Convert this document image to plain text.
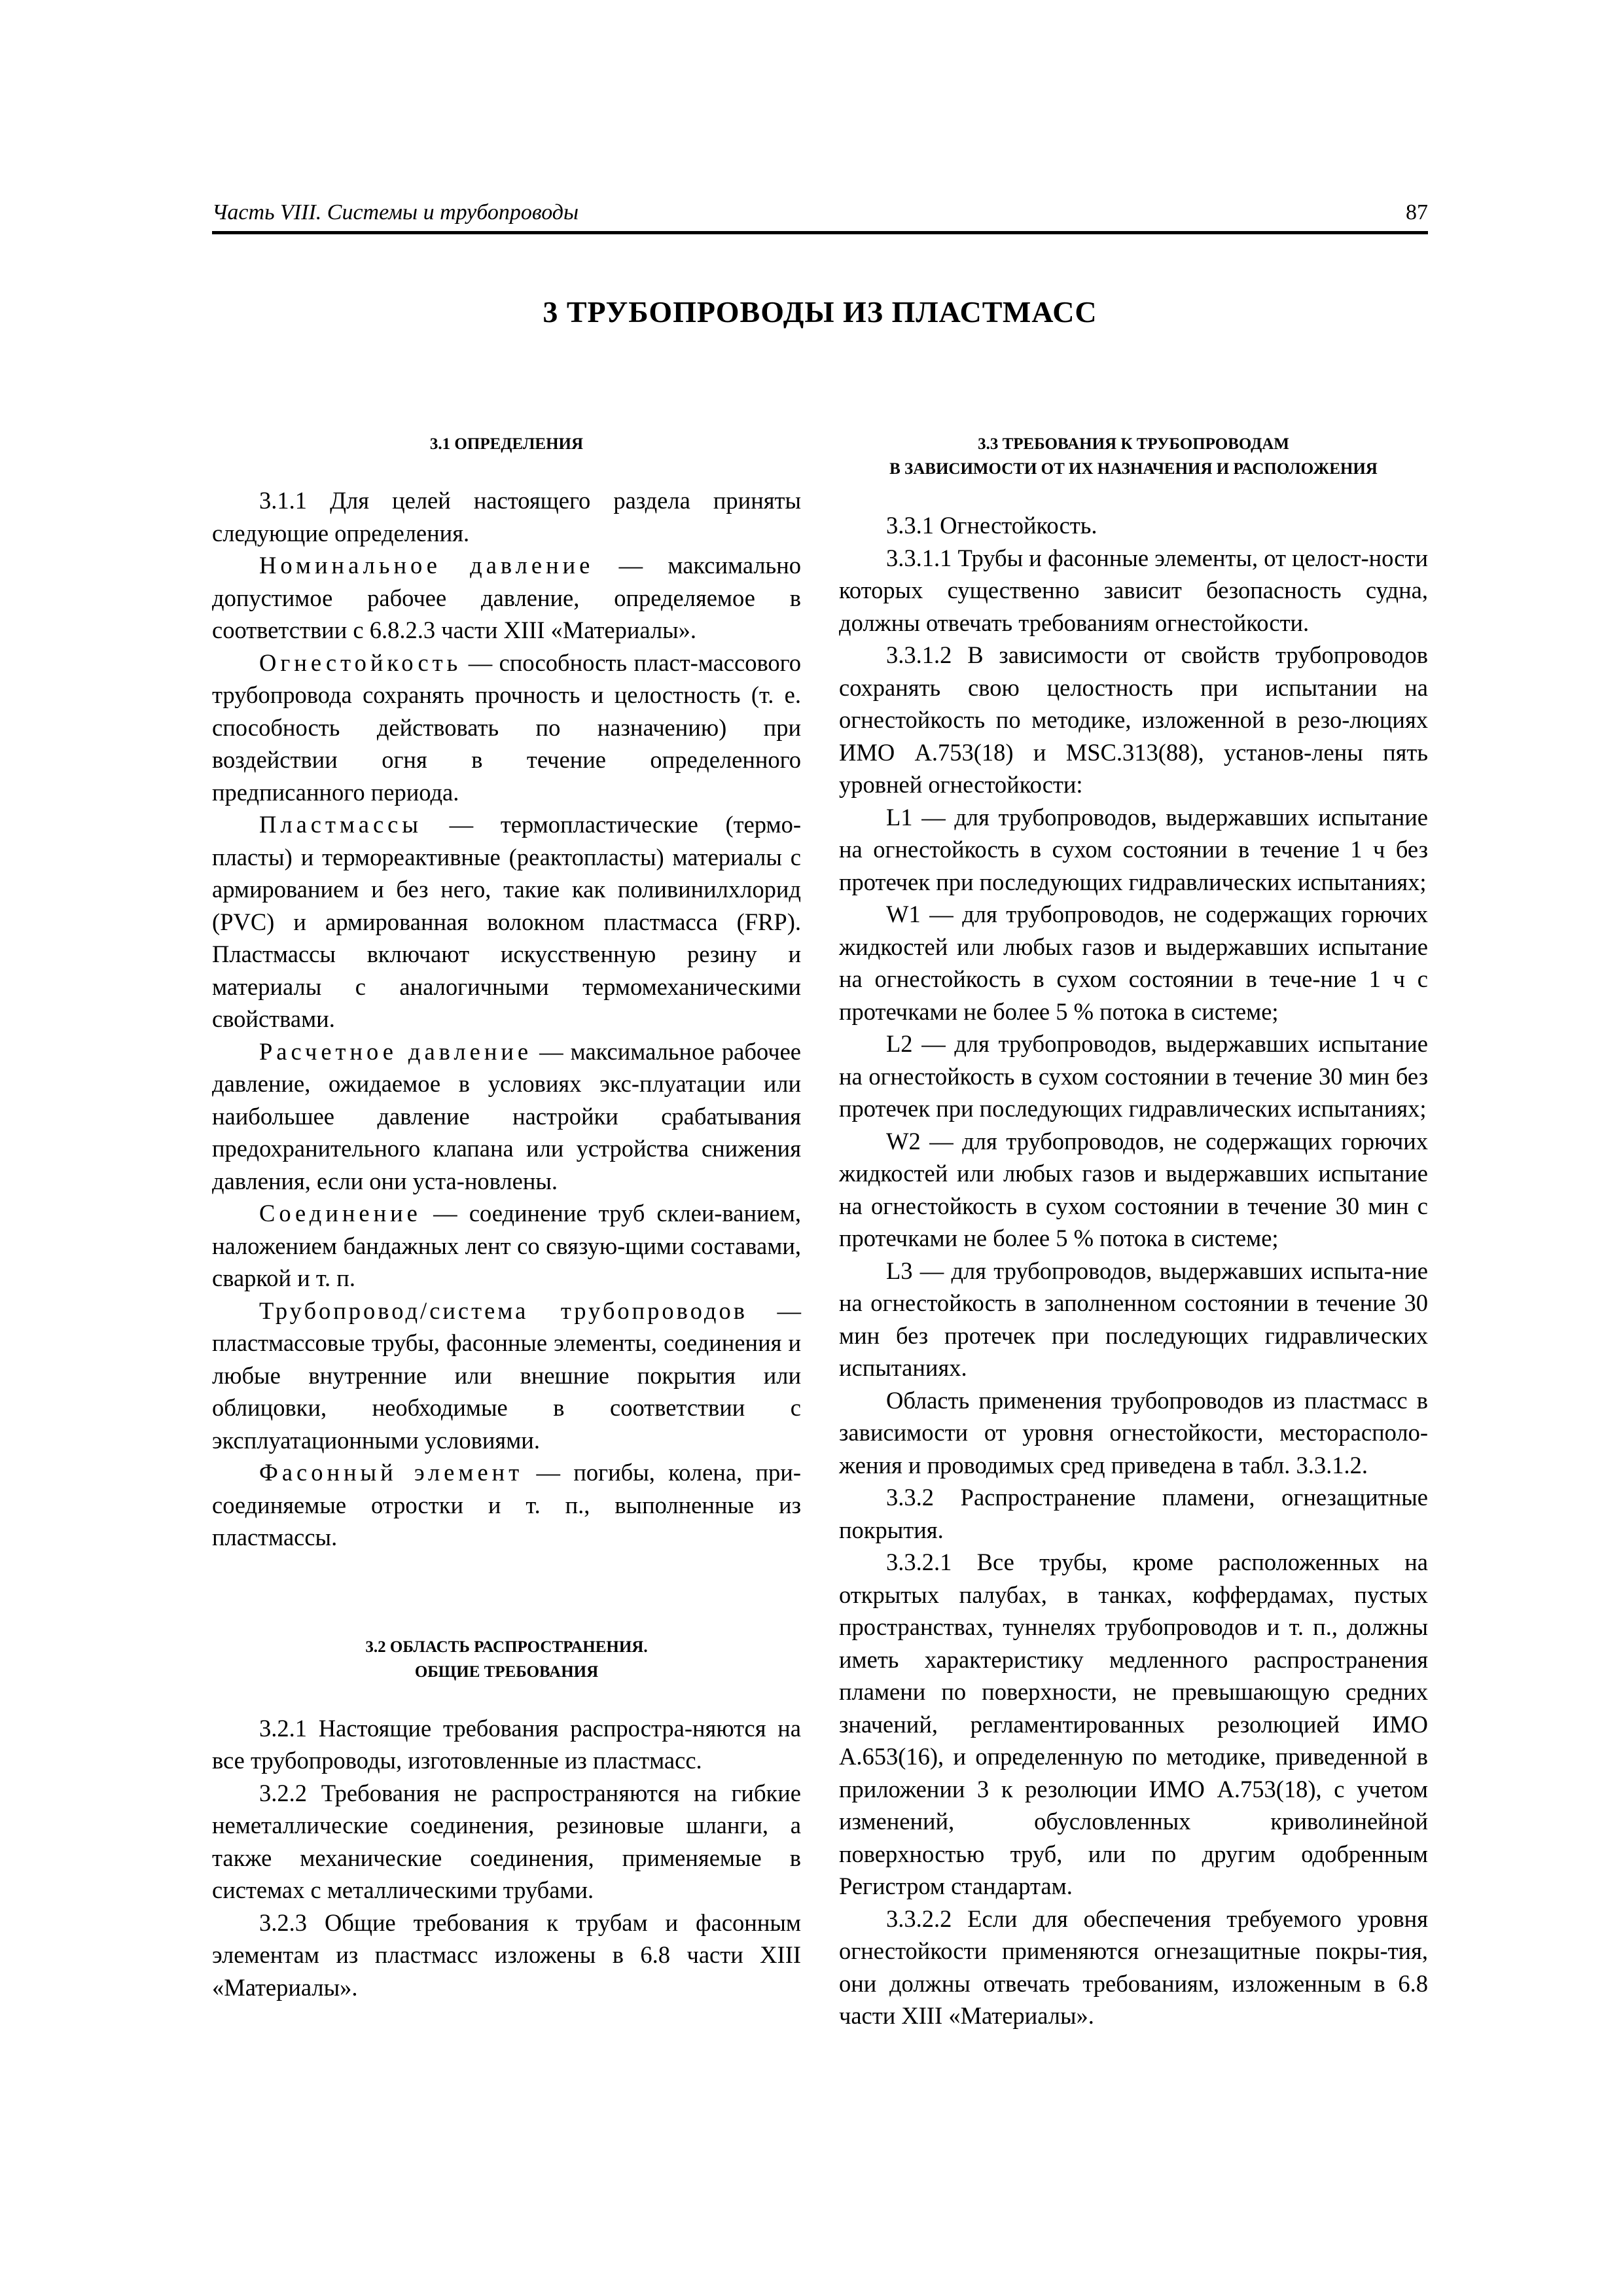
Часть VIII. Системы и трубопроводы	87
3 ТРУБОПРОВОДЫ ИЗ ПЛАСТМАСС
3.1 ОПРЕДЕЛЕНИЯ

3.1.1 Для целей настоящего раздела приняты следующие определения.

Номинальное давление — максимально допустимое рабочее давление, определяемое в соответствии с 6.8.2.3 части XIII «Материалы».

Огнестойкость — способность пласт-массового трубопровода сохранять прочность и целостность (т. е. способность действовать по назначению) при воздействии огня в течение определенного предписанного периода.

Пластмассы — термопластические (термо-пласты) и термореактивные (реактопласты) материалы с армированием и без него, такие как поливинилхлорид (PVC) и армированная волокном пластмасса (FRP). Пластмассы включают искусственную резину и материалы с аналогичными термомеханическими свойствами.

Расчетное давление — максимальное рабочее давление, ожидаемое в условиях экс-плуатации или наибольшее давление настройки срабатывания предохранительного клапана или устройства снижения давления, если они уста-новлены.

Соединение — соединение труб склеи-ванием, наложением бандажных лент со связую-щими составами, сваркой и т. п.

Трубопровод/система трубопроводов — пластмассовые трубы, фасонные элементы, соединения и любые внутренние или внешние покрытия или облицовки, необходимые в соответствии с эксплуатационными условиями.

Фасонный элемент — погибы, колена, при-соединяемые отростки и т. п., выполненные из пластмассы.

3.2 ОБЛАСТЬ РАСПРОСТРАНЕНИЯ. ОБЩИЕ ТРЕБОВАНИЯ

3.2.1 Настоящие требования распростра-няются на все трубопроводы, изготовленные из пластмасс.

3.2.2 Требования не распространяются на гибкие неметаллические соединения, резиновые шланги, а также механические соединения, применяемые в системах с металлическими трубами.

3.2.3 Общие требования к трубам и фасонным элементам из пластмасс изложены в 6.8 части XIII «Материалы».

3.3 ТРЕБОВАНИЯ К ТРУБОПРОВОДАМ
В ЗАВИСИМОСТИ ОТ ИХ НАЗНАЧЕНИЯ И РАСПОЛОЖЕНИЯ

3.3.1 Огнестойкость.

3.3.1.1 Трубы и фасонные элементы, от целост-ности которых существенно зависит безопасность судна, должны отвечать требованиям огнестойкости.

3.3.1.2 В зависимости от свойств трубопроводов сохранять свою целостность при испытании на огнестойкость по методике, изложенной в резо-люциях ИМО А.753(18) и MSC.313(88), установ-лены пять уровней огнестойкости:

L1 — для трубопроводов, выдержавших испытание на огнестойкость в сухом состоянии в течение 1 ч без протечек при последующих гидравлических испытаниях;

W1 — для трубопроводов, не содержащих горючих жидкостей или любых газов и выдержавших испытание на огнестойкость в сухом состоянии в тече-ние 1 ч с протечками не более 5 % потока в системе;

L2 — для трубопроводов, выдержавших испытание на огнестойкость в сухом состоянии в течение 30 мин без протечек при последующих гидравлических испытаниях;

W2 — для трубопроводов, не содержащих горючих жидкостей или любых газов и выдержавших испытание на огнестойкость в сухом состоянии в течение 30 мин с протечками не более 5 % потока в системе;

L3 — для трубопроводов, выдержавших испыта-ние на огнестойкость в заполненном состоянии в течение 30 мин без протечек при последующих гидравлических испытаниях.

Область применения трубопроводов из пластмасс в зависимости от уровня огнестойкости, месторасполо-жения и проводимых сред приведена в табл. 3.3.1.2.

3.3.2 Распространение пламени, огнезащитные покрытия.

3.3.2.1 Все трубы, кроме расположенных на открытых палубах, в танках, коффердамах, пустых пространствах, туннелях трубопроводов и т. п., должны иметь характеристику медленного распространения пламени по поверхности, не превышающую средних значений, регламентированных резолюцией ИМО А.653(16), и определенную по методике, приведенной в приложении 3 к резолюции ИМО А.753(18), с учетом изменений, обусловленных криволинейной поверхностью труб, или по другим одобренным Регистром стандартам.

3.3.2.2 Если для обеспечения требуемого уровня огнестойкости применяются огнезащитные покры-тия, они должны отвечать требованиям, изложенным в 6.8 части XIII «Материалы».
